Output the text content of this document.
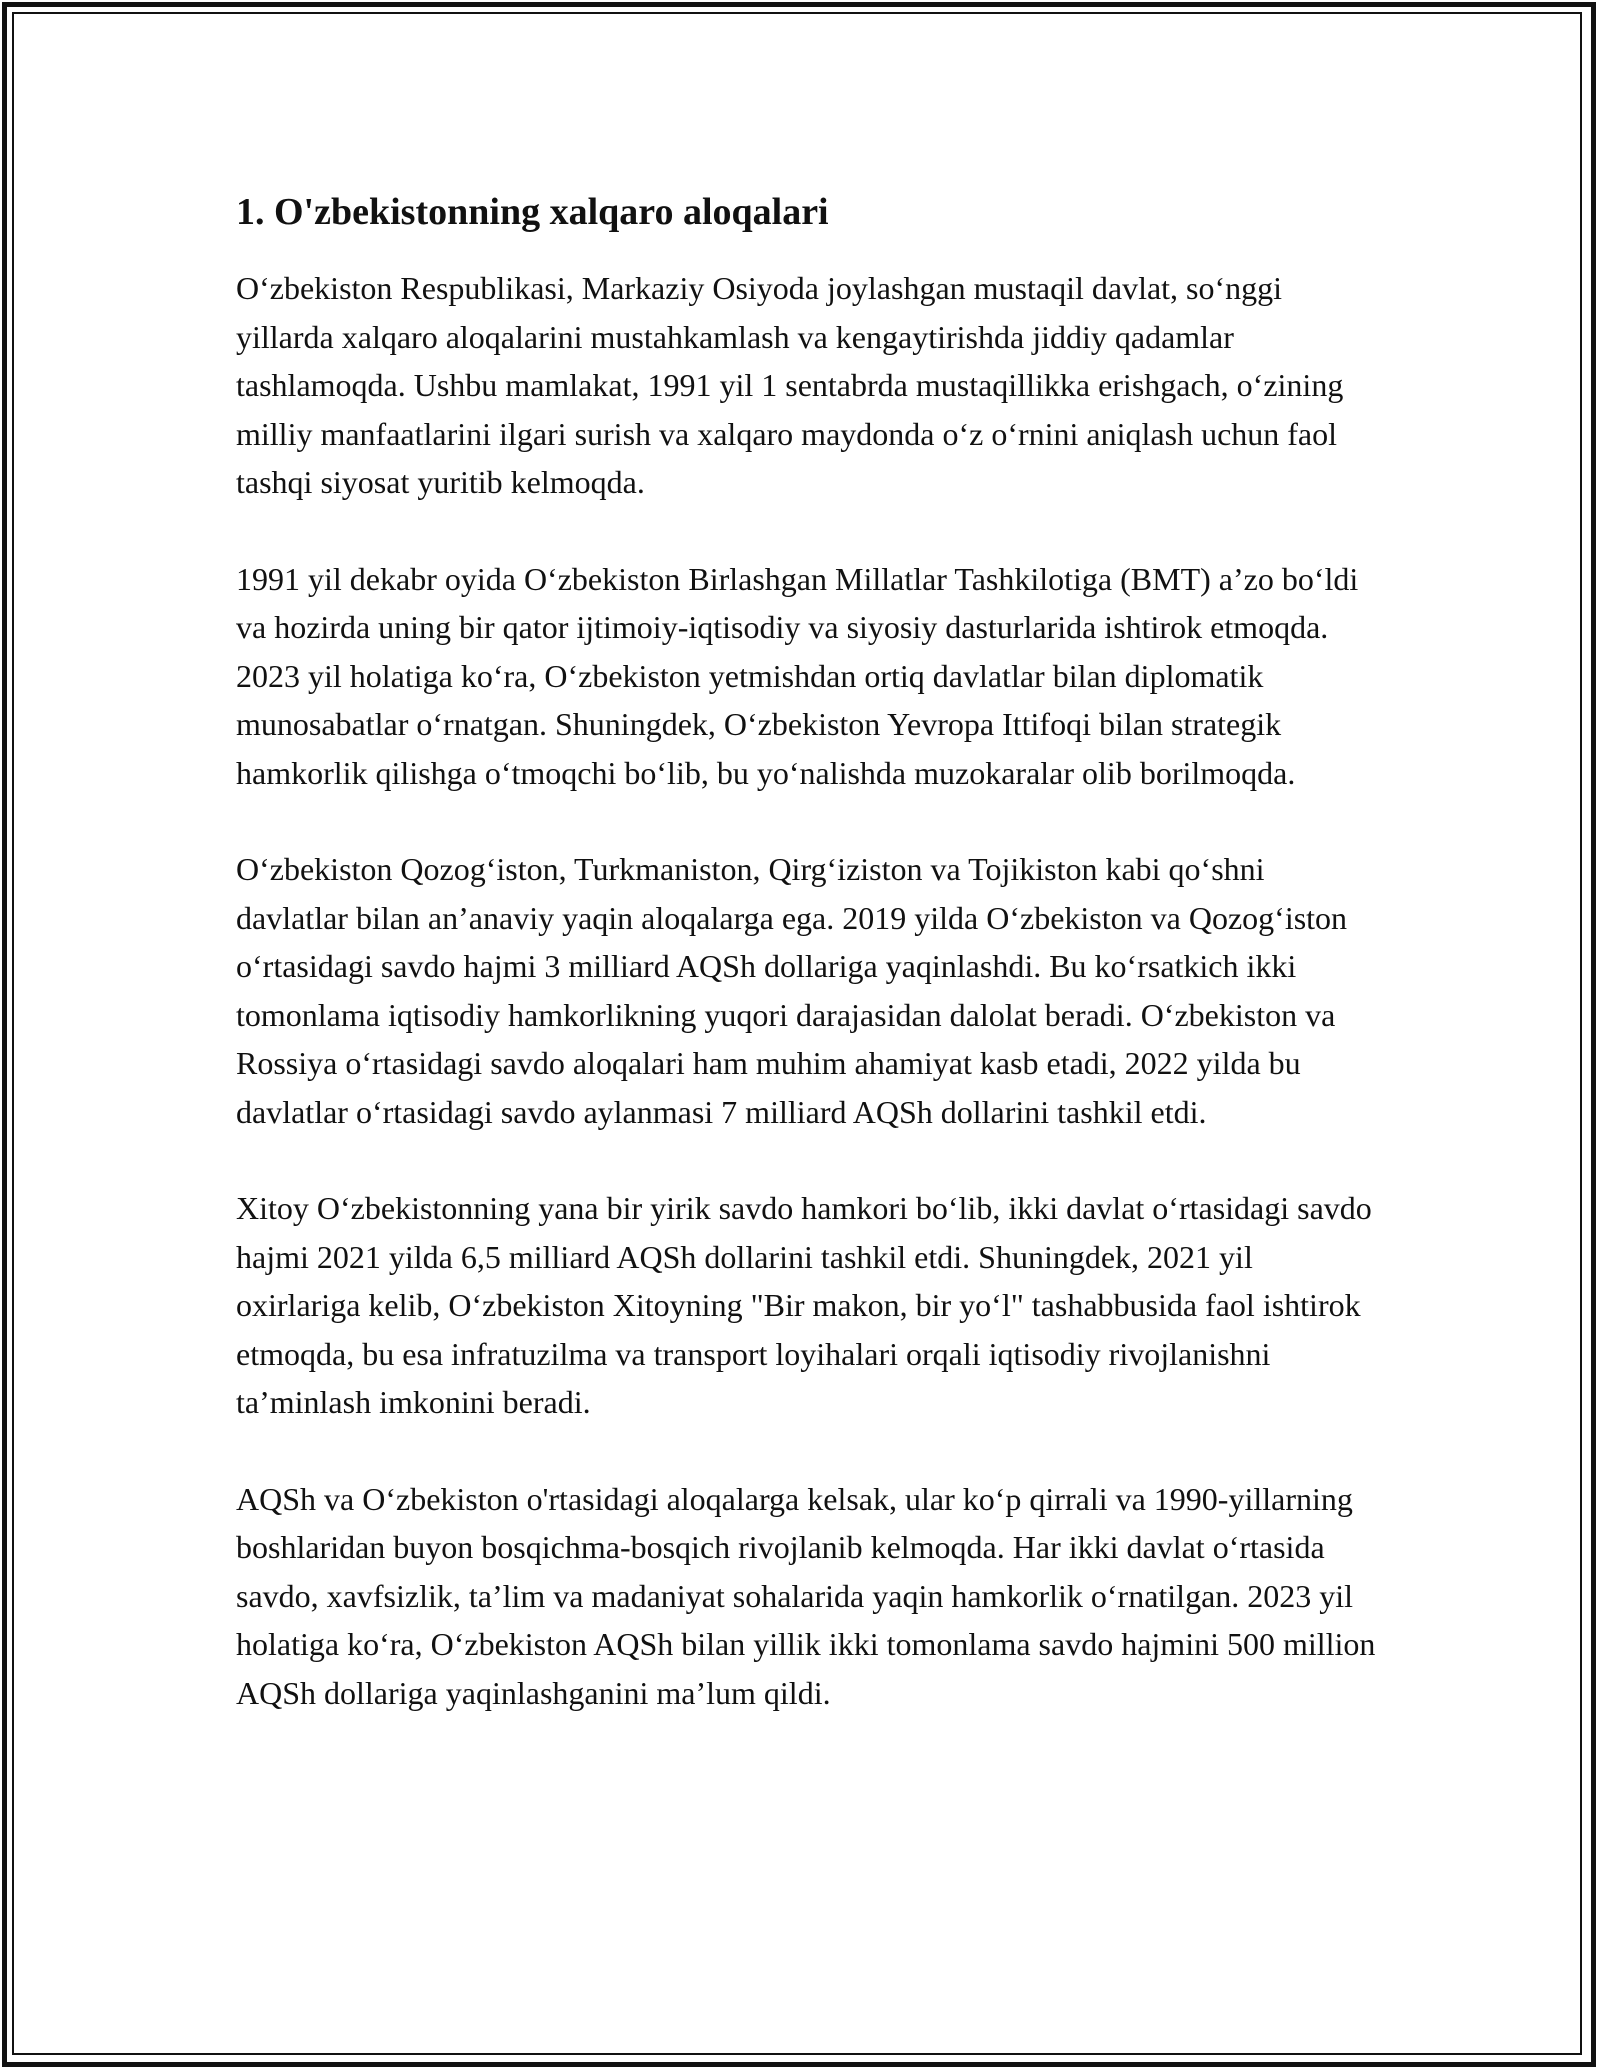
1. O'zbekistonning xalqaro aloqalari

O‘zbekiston Respublikasi, Markaziy Osiyoda joylashgan mustaqil davlat, so‘nggi yillarda xalqaro aloqalarini mustahkamlash va kengaytirishda jiddiy qadamlar tashlamoqda. Ushbu mamlakat, 1991 yil 1 sentabrda mustaqillikka erishgach, o‘zining milliy manfaatlarini ilgari surish va xalqaro maydonda o‘z o‘rnini aniqlash uchun faol tashqi siyosat yuritib kelmoqda.

1991 yil dekabr oyida O‘zbekiston Birlashgan Millatlar Tashkilotiga (BMT) a’zo bo‘ldi va hozirda uning bir qator ijtimoiy-iqtisodiy va siyosiy dasturlarida ishtirok etmoqda. 2023 yil holatiga ko‘ra, O‘zbekiston yetmishdan ortiq davlatlar bilan diplomatik munosabatlar o‘rnatgan. Shuningdek, O‘zbekiston Yevropa Ittifoqi bilan strategik hamkorlik qilishga o‘tmoqchi bo‘lib, bu yo‘nalishda muzokaralar olib borilmoqda.

O‘zbekiston Qozog‘iston, Turkmaniston, Qirg‘iziston va Tojikiston kabi qo‘shni davlatlar bilan an’anaviy yaqin aloqalarga ega. 2019 yilda O‘zbekiston va Qozog‘iston o‘rtasidagi savdo hajmi 3 milliard AQSh dollariga yaqinlashdi. Bu ko‘rsatkich ikki tomonlama iqtisodiy hamkorlikning yuqori darajasidan dalolat beradi. O‘zbekiston va Rossiya o‘rtasidagi savdo aloqalari ham muhim ahamiyat kasb etadi, 2022 yilda bu davlatlar o‘rtasidagi savdo aylanmasi 7 milliard AQSh dollarini tashkil etdi.

Xitoy O‘zbekistonning yana bir yirik savdo hamkori bo‘lib, ikki davlat o‘rtasidagi savdo hajmi 2021 yilda 6,5 milliard AQSh dollarini tashkil etdi. Shuningdek, 2021 yil oxirlariga kelib, O‘zbekiston Xitoyning "Bir makon, bir yo‘l" tashabbusida faol ishtirok etmoqda, bu esa infratuzilma va transport loyihalari orqali iqtisodiy rivojlanishni ta’minlash imkonini beradi.

AQSh va O‘zbekiston o'rtasidagi aloqalarga kelsak, ular ko‘p qirrali va 1990-yillarning boshlaridan buyon bosqichma-bosqich rivojlanib kelmoqda. Har ikki davlat o‘rtasida savdo, xavfsizlik, ta’lim va madaniyat sohalarida yaqin hamkorlik o‘rnatilgan. 2023 yil holatiga ko‘ra, O‘zbekiston AQSh bilan yillik ikki tomonlama savdo hajmini 500 million AQSh dollariga yaqinlashganini ma’lum qildi.
